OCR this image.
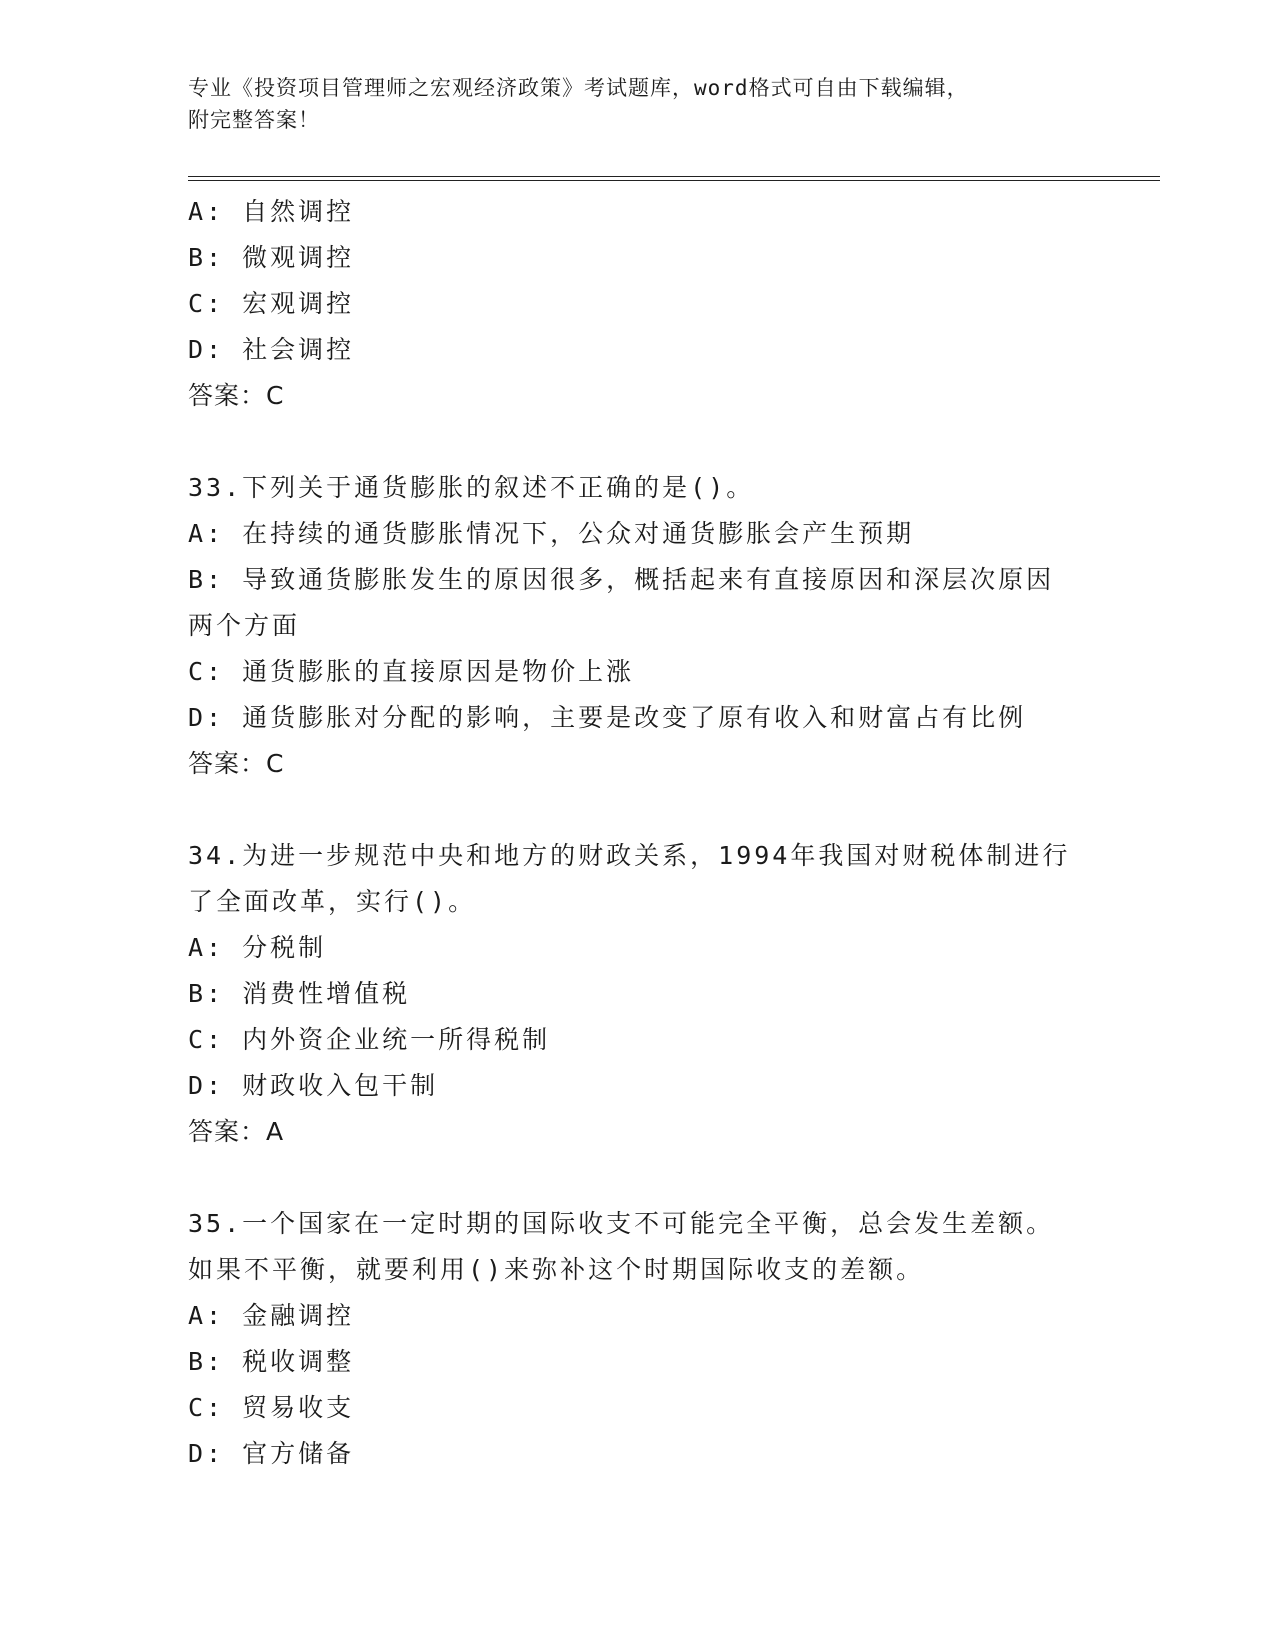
专业《投资项目管理师之宏观经济政策》考试题库，word格式可自由下载编辑，

附完整答案！

A: 自然调控
B: 微观调控
C: 宏观调控
D: 社会调控
答案：C
33.下列关于通货膨胀的叙述不正确的是()。
A: 在持续的通货膨胀情况下，公众对通货膨胀会产生预期
B: 导致通货膨胀发生的原因很多，概括起来有直接原因和深层次原因
两个方面
C: 通货膨胀的直接原因是物价上涨
D: 通货膨胀对分配的影响，主要是改变了原有收入和财富占有比例
答案：C
34.为进一步规范中央和地方的财政关系，1994年我国对财税体制进行
了全面改革，实行()。
A: 分税制
B: 消费性增值税
C: 内外资企业统一所得税制
D: 财政收入包干制
答案：A
35.一个国家在一定时期的国际收支不可能完全平衡，总会发生差额。
如果不平衡，就要利用()来弥补这个时期国际收支的差额。
A: 金融调控
B: 税收调整
C: 贸易收支
D: 官方储备
